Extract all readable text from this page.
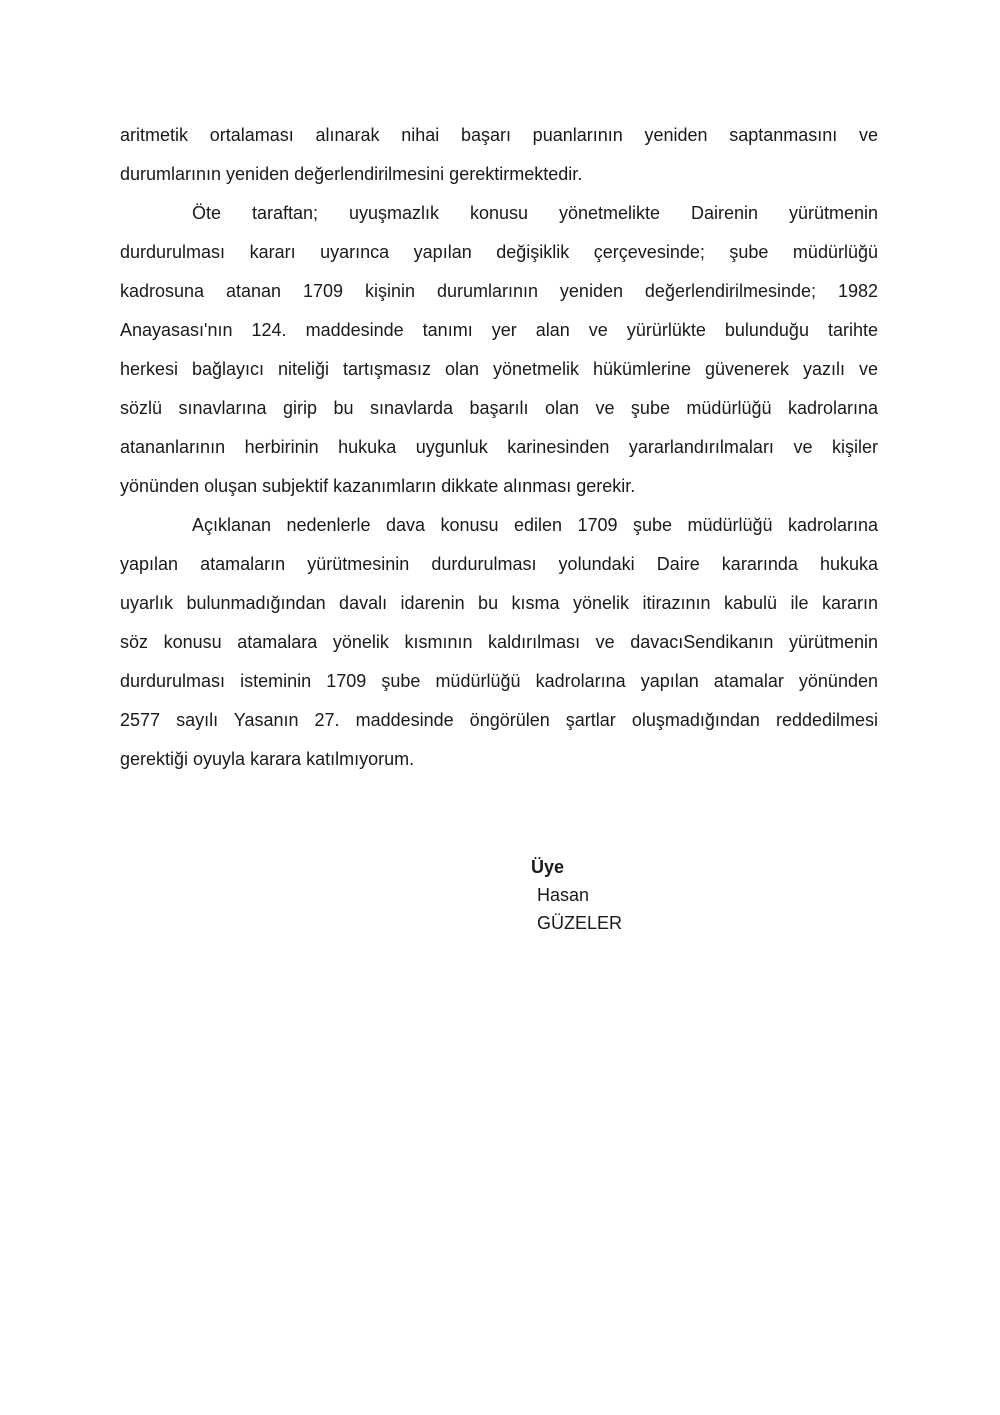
aritmetik ortalaması alınarak nihai başarı puanlarının yeniden saptanmasını ve
durumlarının yeniden değerlendirilmesini gerektirmektedir.
Öte taraftan; uyuşmazlık konusu yönetmelikte Dairenin yürütmenin
durdurulması kararı uyarınca yapılan değişiklik çerçevesinde; şube müdürlüğü
kadrosuna atanan 1709 kişinin durumlarının yeniden değerlendirilmesinde; 1982
Anayasası'nın 124. maddesinde tanımı yer alan ve yürürlükte bulunduğu tarihte
herkesi bağlayıcı niteliği tartışmasız olan yönetmelik hükümlerine güvenerek yazılı ve
sözlü sınavlarına girip bu sınavlarda başarılı olan ve şube müdürlüğü kadrolarına
atananlarının herbirinin hukuka uygunluk karinesinden yararlandırılmaları ve kişiler
yönünden oluşan subjektif kazanımların dikkate alınması gerekir.
Açıklanan nedenlerle dava konusu edilen 1709 şube müdürlüğü kadrolarına
yapılan atamaların yürütmesinin durdurulması yolundaki Daire kararında hukuka
uyarlık bulunmadığından davalı idarenin bu kısma yönelik itirazının kabulü ile kararın
söz konusu atamalara yönelik kısmının kaldırılması ve davacıSendikanın yürütmenin
durdurulması isteminin 1709 şube müdürlüğü kadrolarına yapılan atamalar yönünden
2577 sayılı Yasanın 27. maddesinde öngörülen şartlar oluşmadığından reddedilmesi
gerektiği oyuyla karara katılmıyorum.
Üye
Hasan
GÜZELER
